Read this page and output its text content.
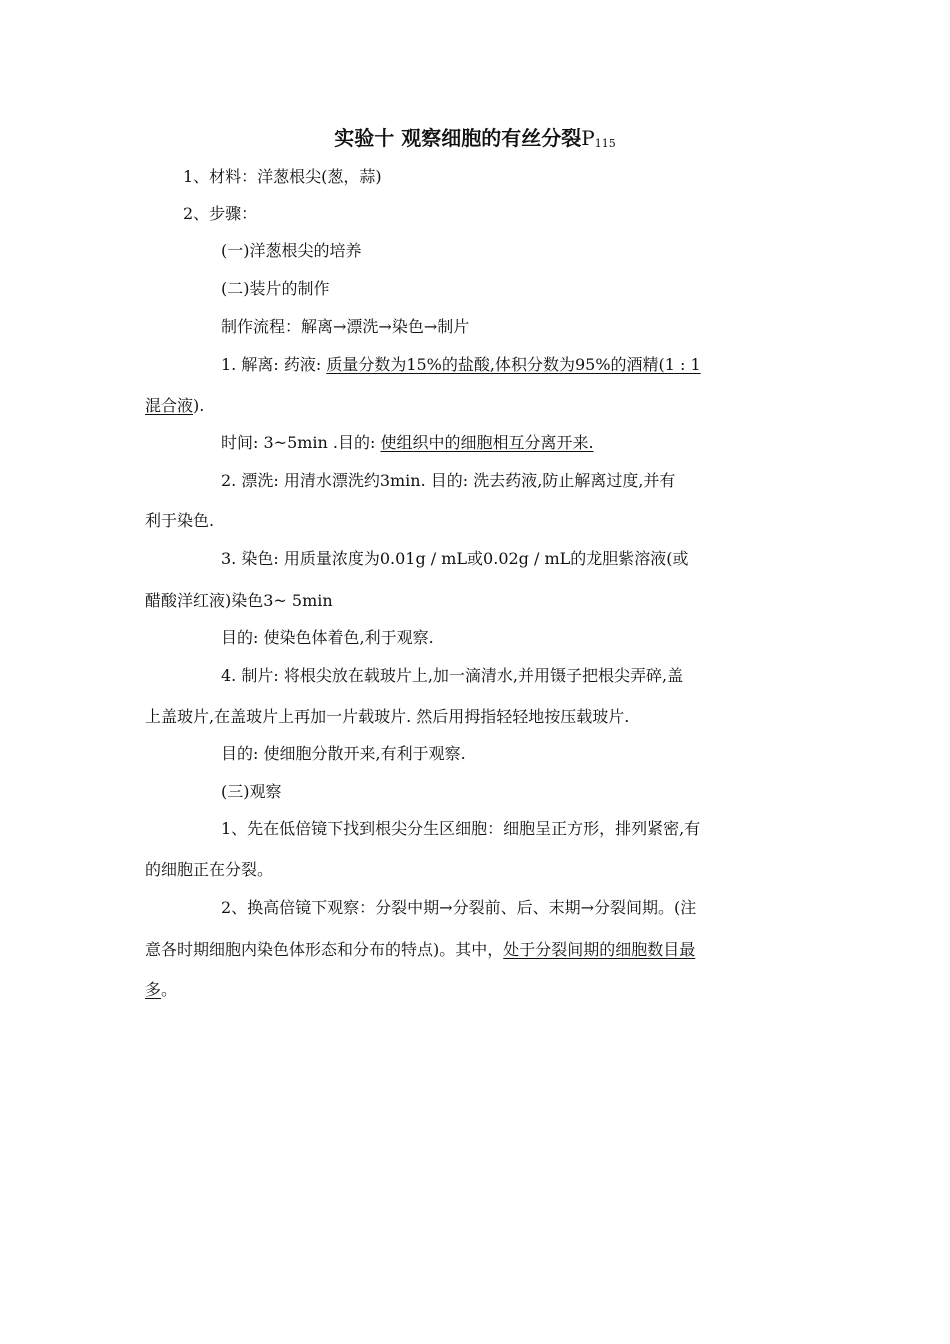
实验十 观察细胞的有丝分裂P115
1、材料：洋葱根尖(葱，蒜)
2、步骤：
(一)洋葱根尖的培养
(二)装片的制作
制作流程：解离→漂洗→染色→制片
1. 解离: 药液: 质量分数为15%的盐酸,体积分数为95%的酒精(1 : 1
混合液).
时间: 3~5min .目的: 使组织中的细胞相互分离开来.
2. 漂洗: 用清水漂洗约3min. 目的: 洗去药液,防止解离过度,并有
利于染色.
3. 染色: 用质量浓度为0.01g / mL或0.02g / mL的龙胆紫溶液(或
醋酸洋红液)染色3~ 5min
目的: 使染色体着色,利于观察.
4. 制片: 将根尖放在载玻片上,加一滴清水,并用镊子把根尖弄碎,盖
上盖玻片,在盖玻片上再加一片载玻片. 然后用拇指轻轻地按压载玻片.
目的: 使细胞分散开来,有利于观察.
(三)观察
1、先在低倍镜下找到根尖分生区细胞：细胞呈正方形，排列紧密,有
的细胞正在分裂。
2、换高倍镜下观察：分裂中期→分裂前、后、末期→分裂间期。(注
意各时期细胞内染色体形态和分布的特点)。其中，处于分裂间期的细胞数目最
多。
